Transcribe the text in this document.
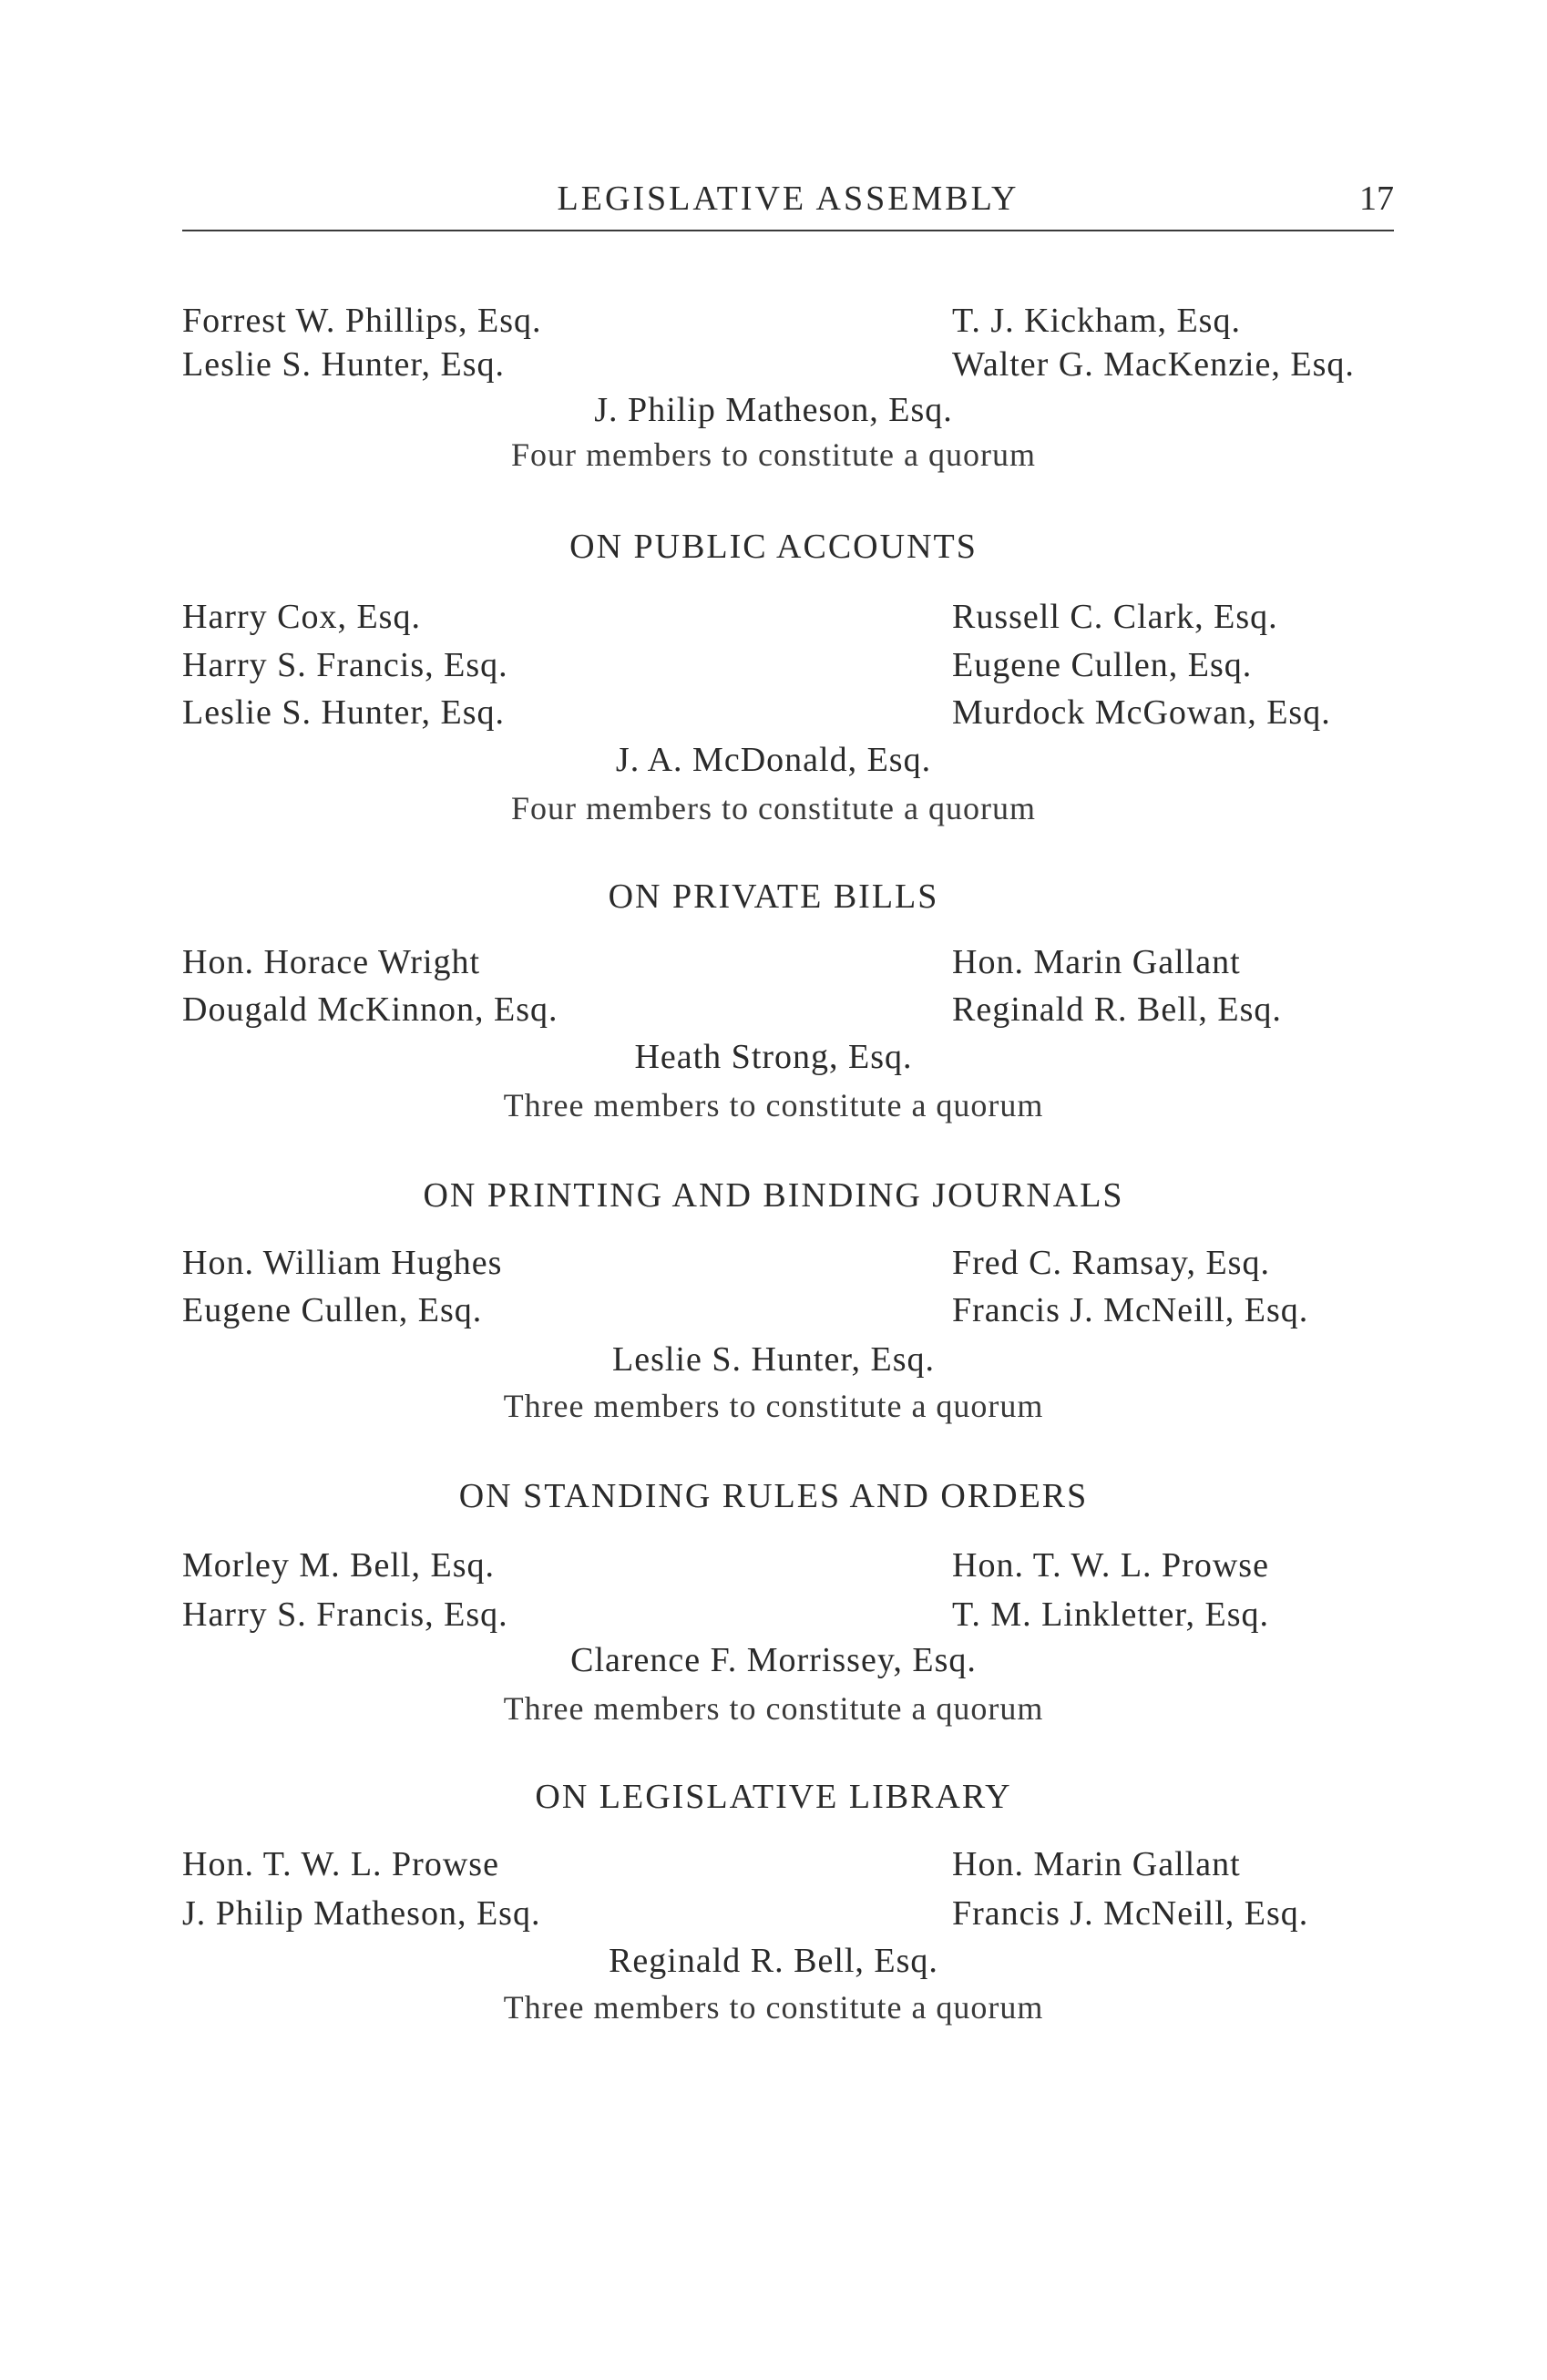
LEGISLATIVE ASSEMBLY	17
Forrest W. Phillips, Esq.	T. J. Kickham, Esq.
Leslie S. Hunter, Esq.	Walter G. MacKenzie, Esq.
J. Philip Matheson, Esq.
Four members to constitute a quorum
ON PUBLIC ACCOUNTS
Harry Cox, Esq.	Russell C. Clark, Esq.
Harry S. Francis, Esq.	Eugene Cullen, Esq.
Leslie S. Hunter, Esq.	Murdock McGowan, Esq.
J. A. McDonald, Esq.
Four members to constitute a quorum
ON PRIVATE BILLS
Hon. Horace Wright	Hon. Marin Gallant
Dougald McKinnon, Esq.	Reginald R. Bell, Esq.
Heath Strong, Esq.
Three members to constitute a quorum
ON PRINTING AND BINDING JOURNALS
Hon. William Hughes	Fred C. Ramsay, Esq.
Eugene Cullen, Esq.	Francis J. McNeill, Esq.
Leslie S. Hunter, Esq.
Three members to constitute a quorum
ON STANDING RULES AND ORDERS
Morley M. Bell, Esq.	Hon. T. W. L. Prowse
Harry S. Francis, Esq.	T. M. Linkletter, Esq.
Clarence F. Morrissey, Esq.
Three members to constitute a quorum
ON LEGISLATIVE LIBRARY
Hon. T. W. L. Prowse	Hon. Marin Gallant
J. Philip Matheson, Esq.	Francis J. McNeill, Esq.
Reginald R. Bell, Esq.
Three members to constitute a quorum
